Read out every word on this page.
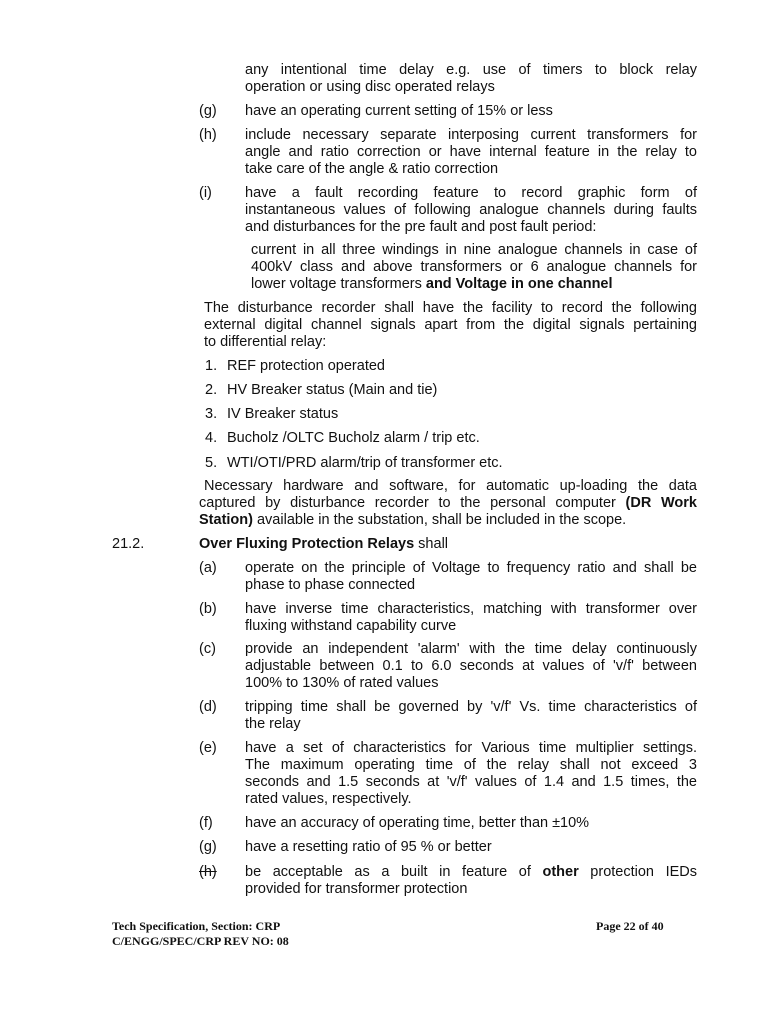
any intentional time delay e.g. use of timers to block relay
operation or using disc operated relays
(g) have an operating current setting of 15% or less
(h) include necessary separate interposing current transformers for
angle and ratio correction or have internal feature in the relay to
take care of the angle & ratio correction
(i) have a fault recording feature to record graphic form of
instantaneous values of following analogue channels during faults
and disturbances for the pre fault and post fault period:
current in all three windings in nine analogue channels in case of
400kV class and above transformers or 6 analogue channels for
lower voltage transformers and Voltage in one channel
The disturbance recorder shall have the facility to record the following
external digital channel signals apart from the digital signals pertaining
to differential relay:
1. REF protection operated
2. HV Breaker status (Main and tie)
3. IV Breaker status
4. Bucholz /OLTC Bucholz alarm / trip etc.
5. WTI/OTI/PRD alarm/trip of transformer etc.
Necessary hardware and software, for automatic up-loading the data
captured by disturbance recorder to the personal computer (DR Work
Station) available in the substation, shall be included in the scope.
21.2.	Over Fluxing Protection Relays shall
(a) operate on the principle of Voltage to frequency ratio and shall be
phase to phase connected
(b) have inverse time characteristics, matching with transformer over
fluxing withstand capability curve
(c) provide an independent 'alarm' with the time delay continuously
adjustable between 0.1 to 6.0 seconds at values of 'v/f' between
100% to 130% of rated values
(d) tripping time shall be governed by 'v/f' Vs. time characteristics of
the relay
(e) have a set of characteristics for Various time multiplier settings.
The maximum operating time of the relay shall not exceed 3
seconds and 1.5 seconds at 'v/f' values of 1.4 and 1.5 times, the
rated values, respectively.
(f) have an accuracy of operating time, better than ±10%
(g) have a resetting ratio of 95 % or better
(h)	be acceptable as a built in feature of other protection IEDs
provided for transformer protection
Tech Specification, Section: CRP
C/ENGG/SPEC/CRP REV NO: 08
Page 22 of 40
